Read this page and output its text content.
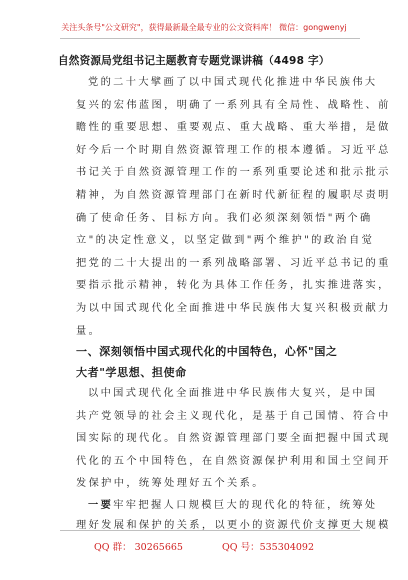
关注头条号"公文研究"，获得最新最全最专业的公文资料库！ 微信：gongwenyj
自然资源局党组书记主题教育专题党课讲稿（4498 字）
党的二十大擘画了以中国式现代化推进中华民族伟大
复兴的宏伟蓝图，明确了一系列具有全局性、战略性、前
瞻性的重要思想、重要观点、重大战略、重大举措，是做
好今后一个时期自然资源管理工作的根本遵循。习近平总
书记关于自然资源管理工作的一系列重要论述和批示批示
精神，为自然资源管理部门在新时代新征程的履职尽责明
确了使命任务、目标方向。我们必须深刻领悟"两个确
立"的决定性意义，以坚定做到"两个维护"的政治自觉
把党的二十大提出的一系列战略部署、习近平总书记的重
要指示批示精神，转化为具体工作任务，扎实推进落实，
为以中国式现代化全面推进中华民族伟大复兴积极贡献力
量。
一、深刻领悟中国式现代化的中国特色，心怀"国之
大者"学思想、担使命
以中国式现代化全面推进中华民族伟大复兴，是中国
共产党领导的社会主义现代化，是基于自己国情、符合中
国实际的现代化。自然资源管理部门要全面把握中国式现
代化的五个中国特色，在自然资源保护利用和国土空间开
发保护中，统筹处理好五个关系。
QQ 群： 30265665	QQ 号：535304092
一要牢牢把握人口规模巨大的现代化的特征，统筹处
理好发展和保护的关系，以更小的资源代价支撑更大规模
